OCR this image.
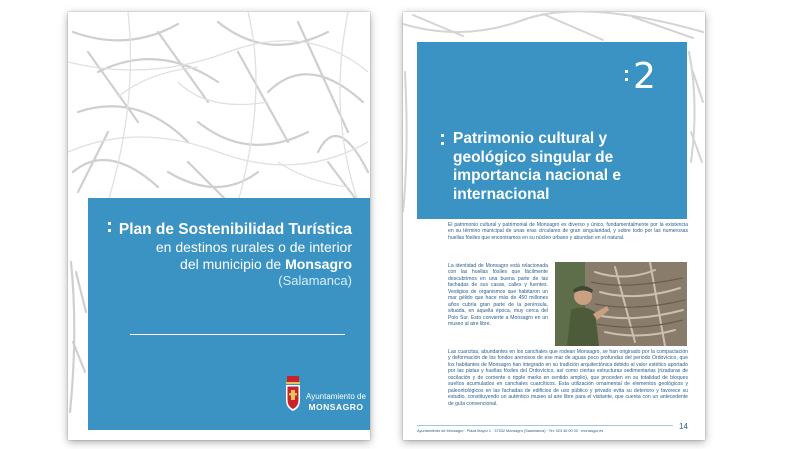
Plan de Sostenibilidad Turística
en destinos rurales o de interior
del municipio de Monsagro
(Salamanca)
Ayuntamiento de
MONSAGRO
2
Patrimonio cultural y geológico singular de importancia nacional e internacional

El patrimonio cultural y patrimonial de Monsagro es diverso y único, fundamentalmente por la existencia en su término municipal de unas eras circulares de gran singularidad, y sobre todo por las numerosas huellas fósiles que encontramos en su núcleo urbano y abundan en el natural.

La identidad de Monsagro está relacionada con las huellas fósiles que fácilmente descubrimos en una buena parte de las fachadas de sus casas, calles y fuentes. Vestigios de organismos que habitaron un mar gélido que hace más de 450 millones años cubría gran parte de la península, situada, en aquella época, muy cerca del Polo Sur. Esto convierte a Monsagro en un museo al aire libre.

Las cuarcitas, abundantes en los canchales que rodean Monsagro, se han originado por la compactación y deformación de los fondos arenosos de ese mar de aguas poco profundas del periodo Ordovícico, que los habitantes de Monsagro han integrado en su tradición arquitectónica debido al valor estético aportado por las pistas y huellas fósiles del Ordovícico, así como ciertas estructuras sedimentarias (rizaduras de oscilación y de corriente o ripple marks en sentido amplio), que proceden en su totalidad de bloques sueltos acumulados en canchales cuarcíticos. Esta utilización ornamental de elementos geológicos y paleontológicos en las fachadas de edificios de uso público y privado evita su deterioro y favorece su estudio, constituyendo un auténtico museo al aire libre para el visitante, que cuenta con un antecedente de guía convencional.

Ayuntamiento de Monsagro · Plaza Mayor 1 · 37532 Monsagro (Salamanca) · Tel: 923 46 00 00 · monsagro.es	14
